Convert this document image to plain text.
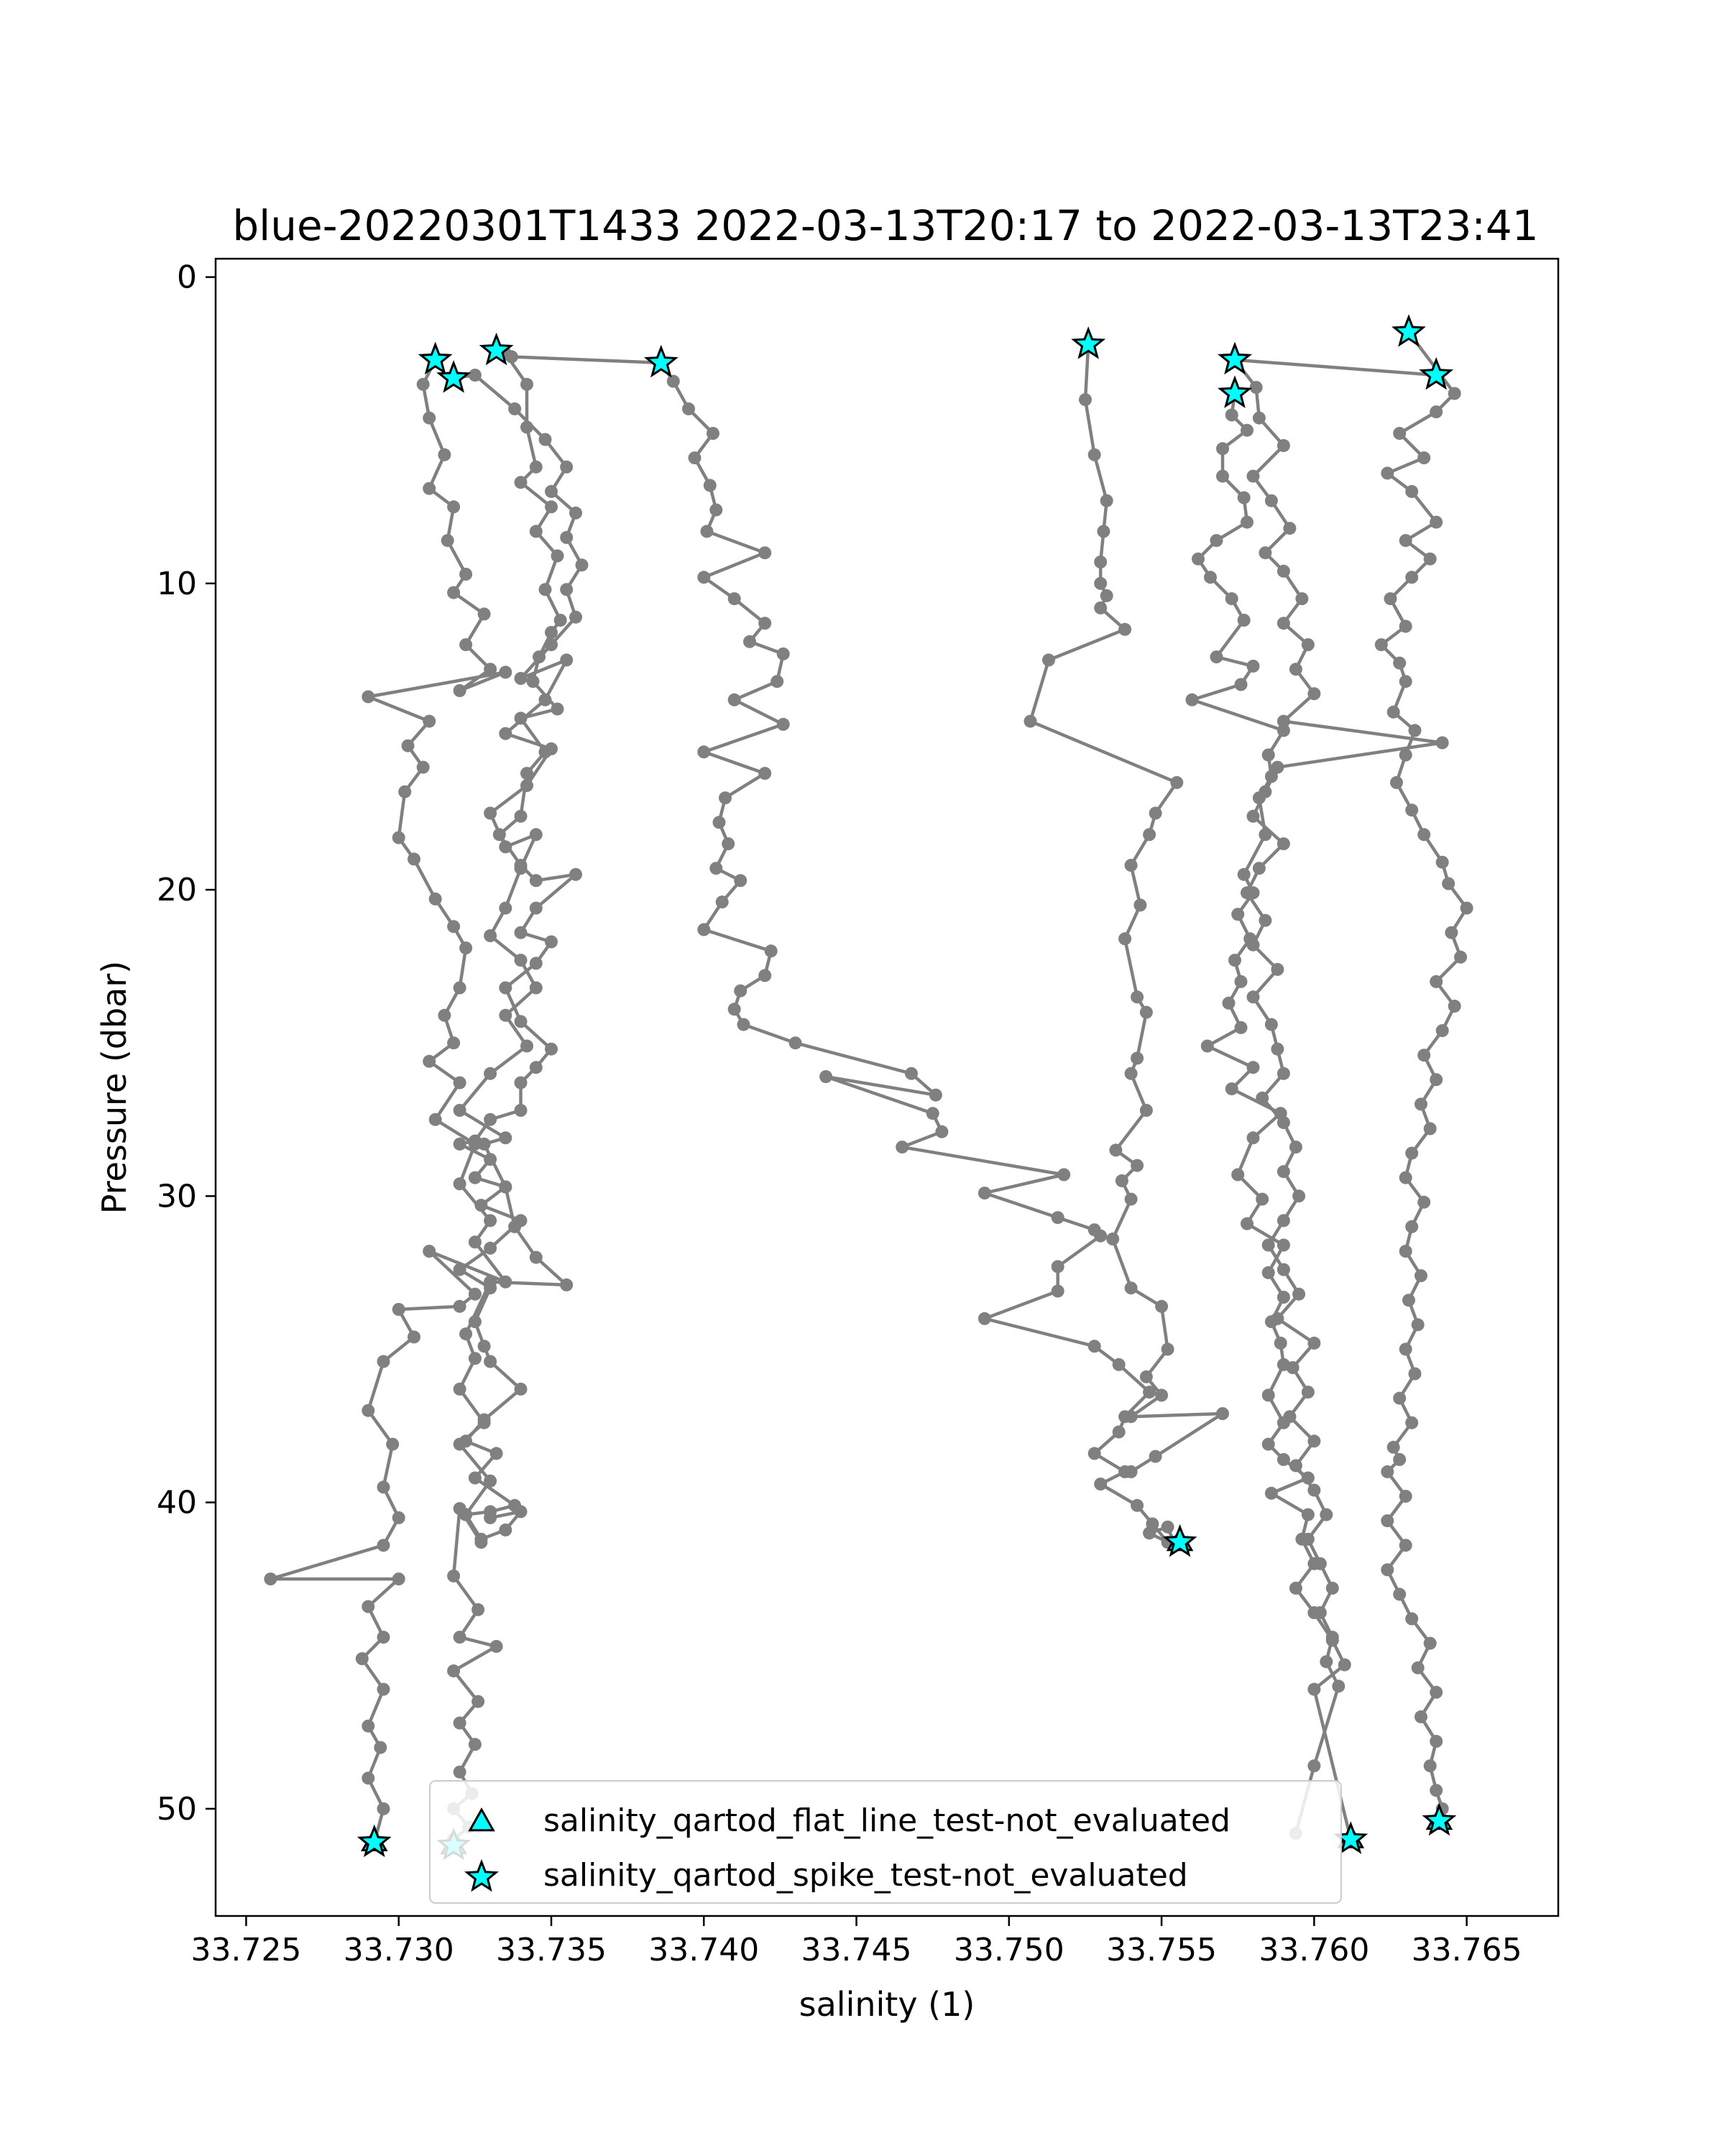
blue-20220301T1433 2022-03-13T20:17 to 2022-03-13T23:41
33.725 33.730 33.735 33.740 33.745 33.750 33.755 33.760 33.765
0
10
20
30
40
50
salinity (1)
Pressure (dbar)
salinity_qartod_flat_line_test-not_evaluated
salinity_qartod_spike_test-not_evaluated
